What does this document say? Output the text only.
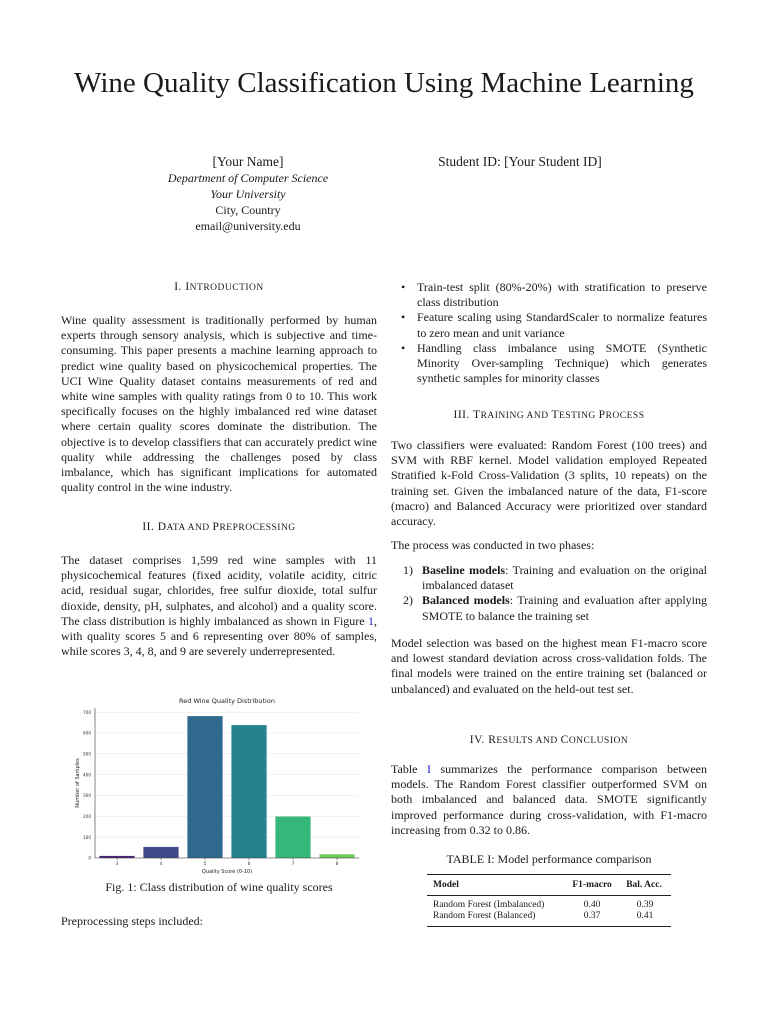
Wine Quality Classification Using Machine Learning
[Your Name]
Department of Computer Science
Your University
City, Country
email@university.edu
Student ID: [Your Student ID]
I. INTRODUCTION
Wine quality assessment is traditionally performed by human experts through sensory analysis, which is subjective and time-consuming. This paper presents a machine learning approach to predict wine quality based on physicochemical properties. The UCI Wine Quality dataset contains measurements of red and white wine samples with quality ratings from 0 to 10. This work specifically focuses on the highly imbalanced red wine dataset where certain quality scores dominate the distribution. The objective is to develop classifiers that can accurately predict wine quality while addressing the challenges posed by class imbalance, which has significant implications for automated quality control in the wine industry.
II. DATA AND PREPROCESSING
The dataset comprises 1,599 red wine samples with 11 physicochemical features (fixed acidity, volatile acidity, citric acid, residual sugar, chlorides, free sulfur dioxide, total sulfur dioxide, density, pH, sulphates, and alcohol) and a quality score. The class distribution is highly imbalanced as shown in Figure 1, with quality scores 5 and 6 representing over 80% of samples, while scores 3, 4, 8, and 9 are severely underrepresented.
Red Wine Quality Distribution
0
100
200
300
400
500
600
700
3	4	5	6	7	8
Quality Score (0-10)
Number of Samples
Fig. 1: Class distribution of wine quality scores
Preprocessing steps included:
• Train-test split (80%-20%) with stratification to preserve class distribution
• Feature scaling using StandardScaler to normalize features to zero mean and unit variance
• Handling class imbalance using SMOTE (Synthetic Minority Over-sampling Technique) which generates synthetic samples for minority classes
III. TRAINING AND TESTING PROCESS
Two classifiers were evaluated: Random Forest (100 trees) and SVM with RBF kernel. Model validation employed Repeated Stratified k-Fold Cross-Validation (3 splits, 10 repeats) on the training set. Given the imbalanced nature of the data, F1-score (macro) and Balanced Accuracy were prioritized over standard accuracy.
The process was conducted in two phases:
1) Baseline models: Training and evaluation on the original imbalanced dataset
2) Balanced models: Training and evaluation after applying SMOTE to balance the training set
Model selection was based on the highest mean F1-macro score and lowest standard deviation across cross-validation folds. The final models were trained on the entire training set (balanced or unbalanced) and evaluated on the held-out test set.
IV. RESULTS AND CONCLUSION
Table I summarizes the performance comparison between models. The Random Forest classifier outperformed SVM on both imbalanced and balanced data. SMOTE significantly improved performance during cross-validation, with F1-macro increasing from 0.32 to 0.86.
TABLE I: Model performance comparison
Model	F1-macro	Bal. Acc.
Random Forest (Imbalanced)	0.40	0.39
Random Forest (Balanced)	0.37	0.41
